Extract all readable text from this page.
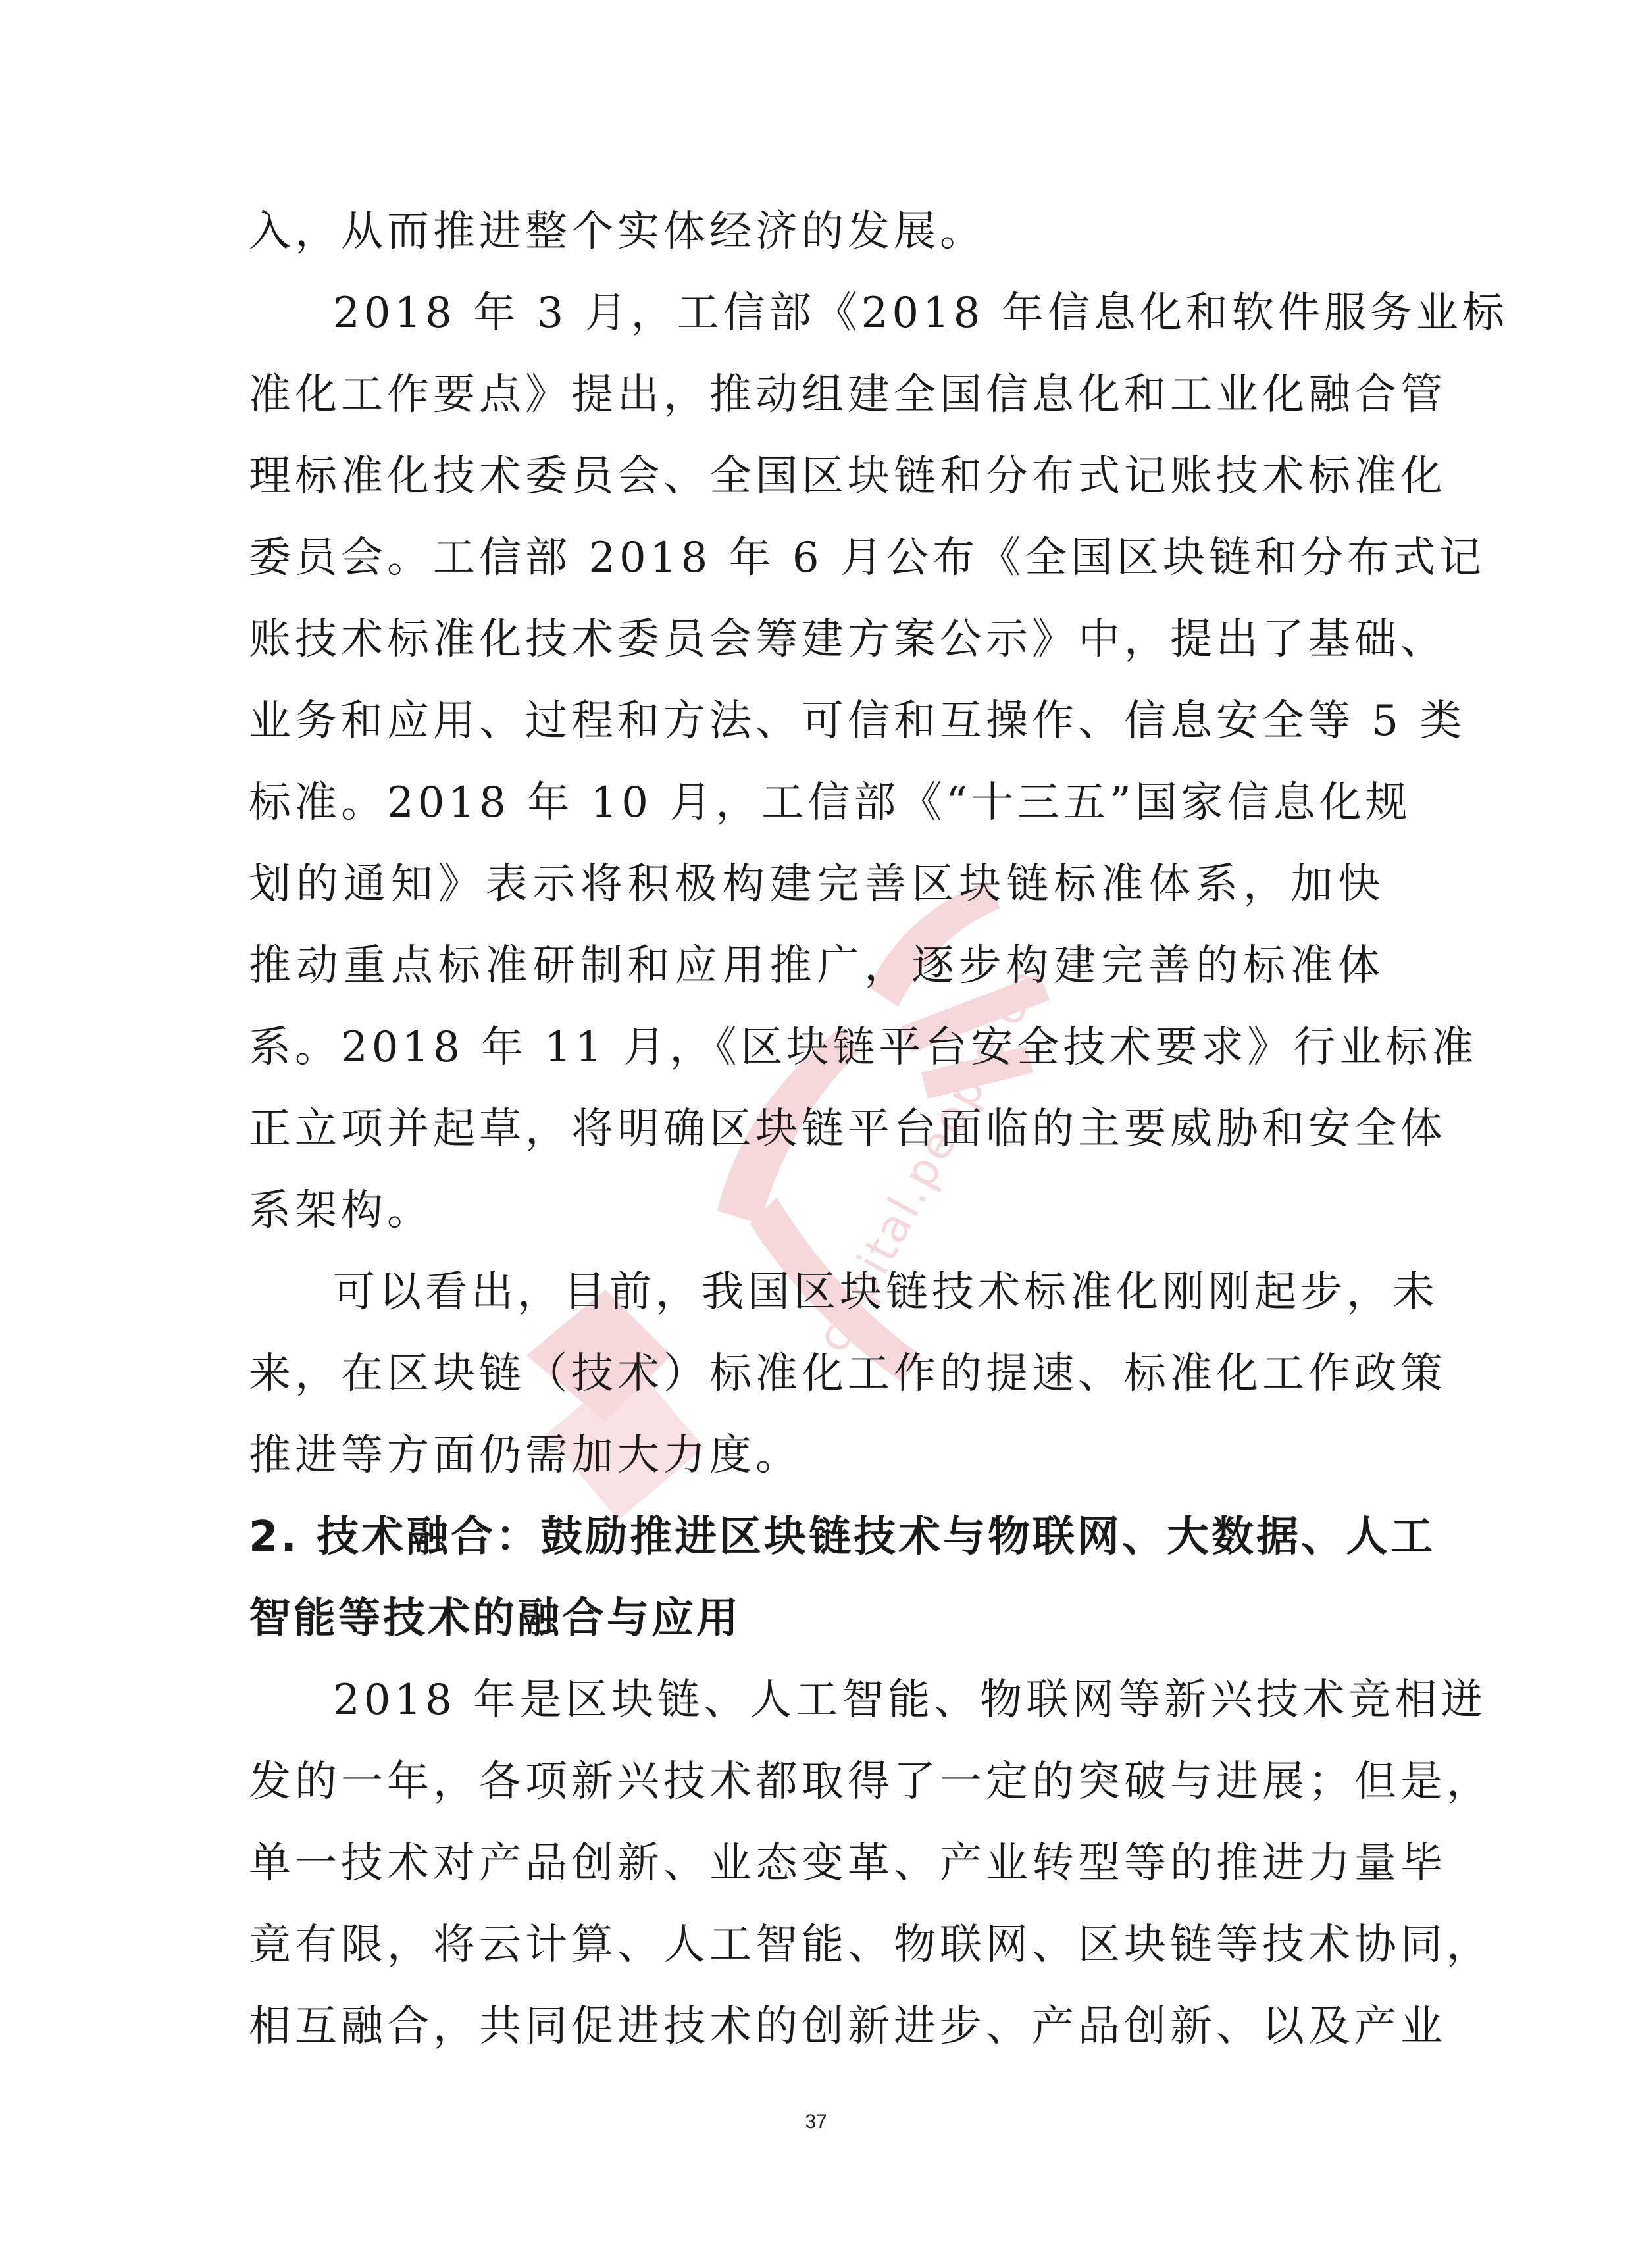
capital.people.cn
入，从而推进整个实体经济的发展。
2018 年 3 月，工信部《2018 年信息化和软件服务业标
准化工作要点》提出，推动组建全国信息化和工业化融合管
理标准化技术委员会、全国区块链和分布式记账技术标准化
委员会。工信部 2018 年 6 月公布《全国区块链和分布式记
账技术标准化技术委员会筹建方案公示》中，提出了基础、
业务和应用、过程和方法、可信和互操作、信息安全等 5 类
标准。2018 年 10 月，工信部《“十三五”国家信息化规
划的通知》表示将积极构建完善区块链标准体系，加快
推动重点标准研制和应用推广，逐步构建完善的标准体
系。2018 年 11 月，《区块链平台安全技术要求》行业标准
正立项并起草，将明确区块链平台面临的主要威胁和安全体
系架构。
可以看出，目前，我国区块链技术标准化刚刚起步，未
来，在区块链（技术）标准化工作的提速、标准化工作政策
推进等方面仍需加大力度。
2. 技术融合：鼓励推进区块链技术与物联网、大数据、人工
智能等技术的融合与应用
2018 年是区块链、人工智能、物联网等新兴技术竞相迸
发的一年，各项新兴技术都取得了一定的突破与进展；但是，
单一技术对产品创新、业态变革、产业转型等的推进力量毕
竟有限，将云计算、人工智能、物联网、区块链等技术协同，
相互融合，共同促进技术的创新进步、产品创新、以及产业
37
